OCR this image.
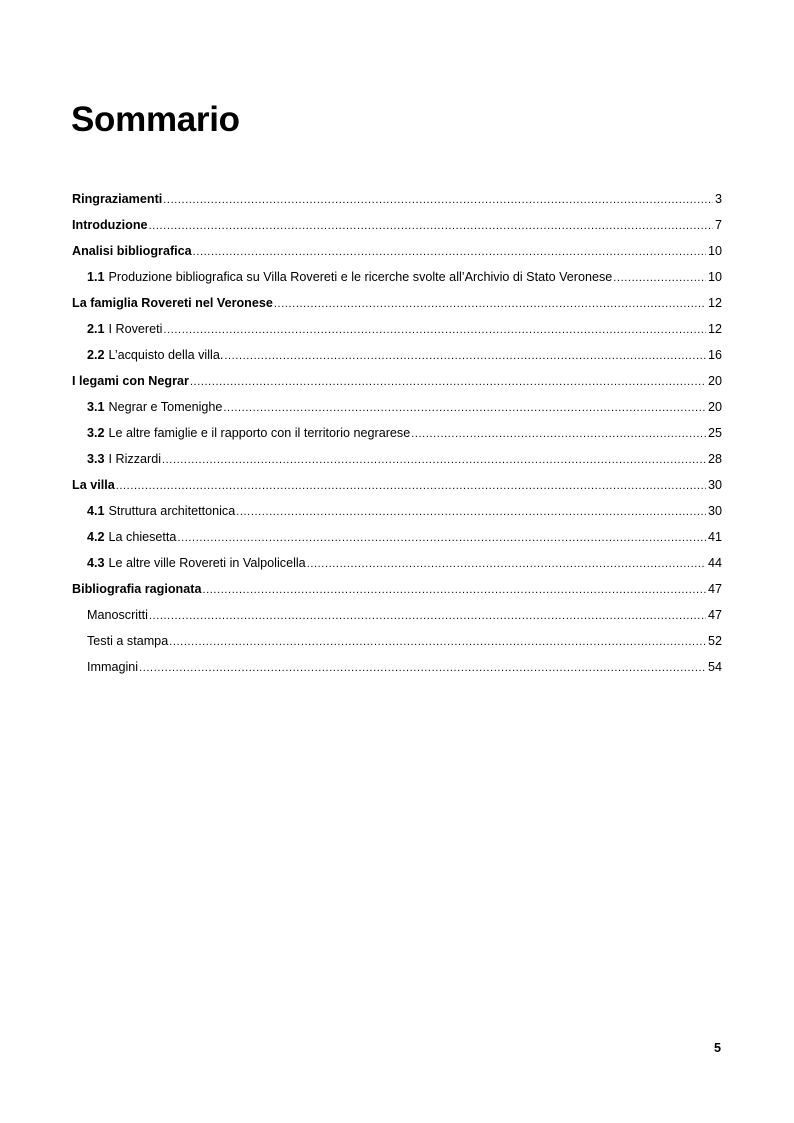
Sommario
Ringraziamenti .....	3
Introduzione .....	7
Analisi bibliografica .....	10
1.1 Produzione bibliografica su Villa Rovereti e le ricerche svolte all’Archivio di Stato Veronese .....	10
La famiglia Rovereti nel Veronese .....	12
2.1 I Rovereti .....	12
2.2 L’acquisto della villa. .....	16
I legami con Negrar .....	20
3.1 Negrar e Tomenighe .....	20
3.2 Le altre famiglie e il rapporto con il territorio negrarese .....	25
3.3 I Rizzardi .....	28
La villa .....	30
4.1 Struttura architettonica .....	30
4.2 La chiesetta .....	41
4.3 Le altre ville Rovereti in Valpolicella .....	44
Bibliografia ragionata .....	47
Manoscritti .....	47
Testi a stampa .....	52
Immagini .....	54
5
